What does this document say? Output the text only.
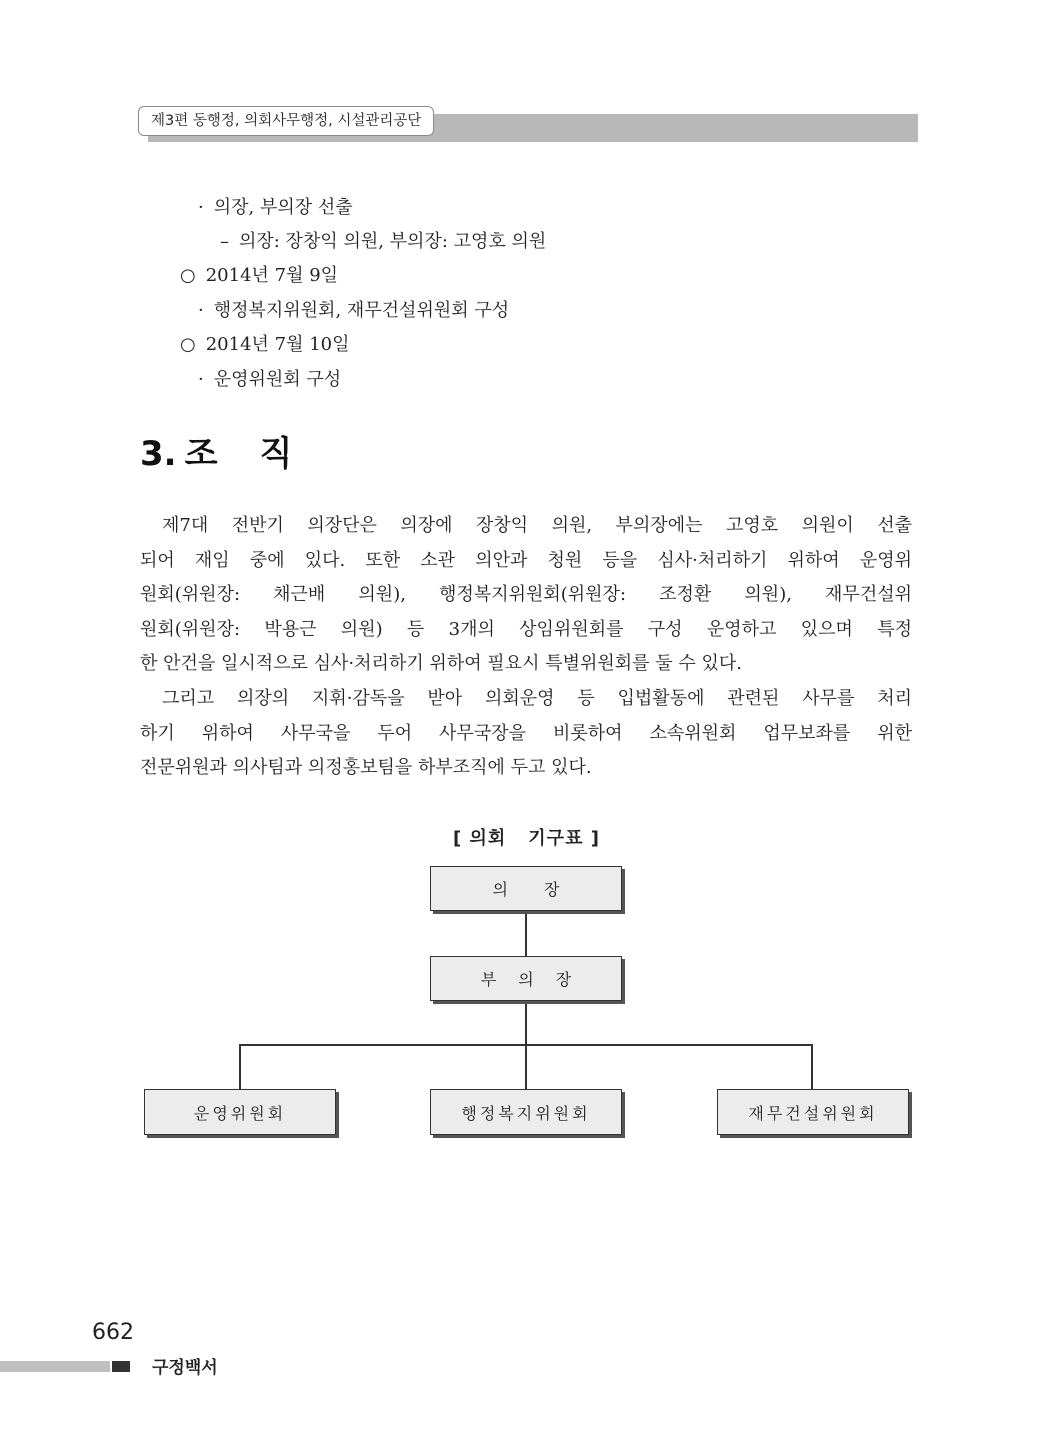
제3편 동행정, 의회사무행정, 시설관리공단
· 의장, 부의장 선출
– 의장: 장창익 의원, 부의장: 고영호 의원
○ 2014년 7월 9일
· 행정복지위원회, 재무건설위원회 구성
○ 2014년 7월 10일
· 운영위원회 구성
3. 조 직
제7대 전반기 의장단은 의장에 장창익 의원, 부의장에는 고영호 의원이 선출
되어 재임 중에 있다. 또한 소관 의안과 청원 등을 심사·처리하기 위하여 운영위
원회(위원장: 채근배 의원), 행정복지위원회(위원장: 조정환 의원), 재무건설위
원회(위원장: 박용근 의원) 등 3개의 상임위원회를 구성 운영하고 있으며 특정
한 안건을 일시적으로 심사·처리하기 위하여 필요시 특별위원회를 둘 수 있다.
그리고 의장의 지휘·감독을 받아 의회운영 등 입법활동에 관련된 사무를 처리
하기 위하여 사무국을 두어 사무국장을 비롯하여 소속위원회 업무보좌를 위한
전문위원과 의사팀과 의정홍보팀을 하부조직에 두고 있다.
[ 의회 기구표 ]
의장
부의장
운영위원회	행정복지위원회	재무건설위원회
662
구정백서
